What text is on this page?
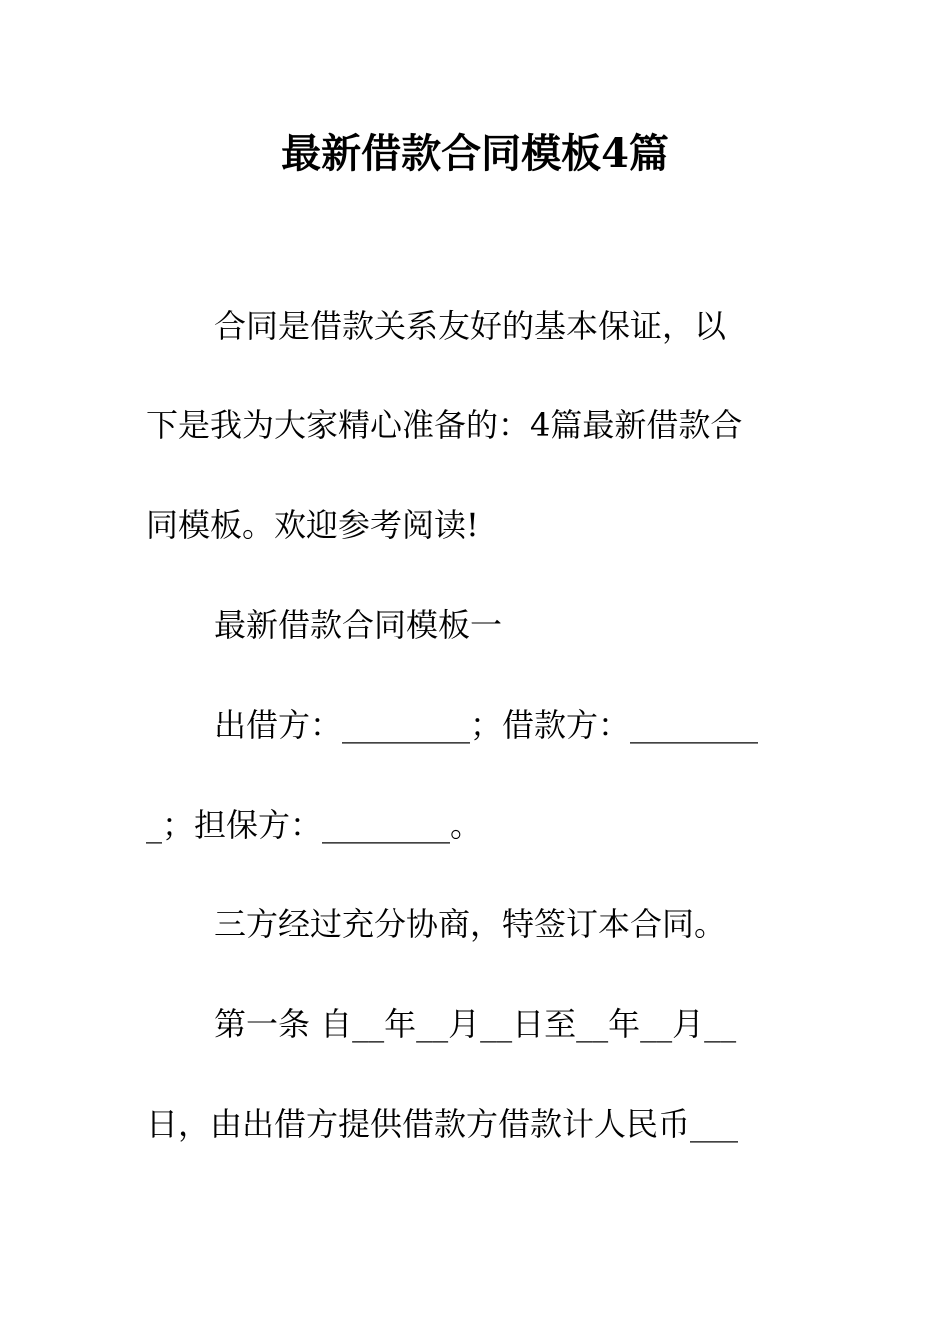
最新借款合同模板4篇

合同是借款关系友好的基本保证，以

下是我为大家精心准备的：4篇最新借款合

同模板。欢迎参考阅读!

最新借款合同模板一

出借方：________；借款方：________

_；担保方：________。

三方经过充分协商，特签订本合同。

第一条 自__年__月__日至__年__月__

日，由出借方提供借款方借款计人民币___
